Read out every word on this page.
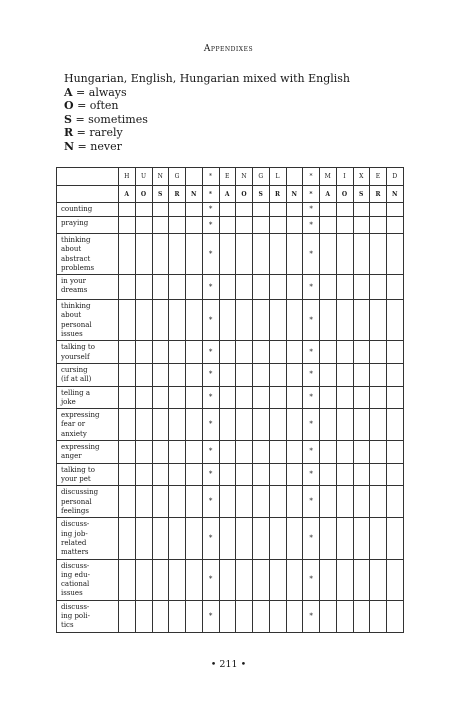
Appendixes
Hungarian, English, Hungarian mixed with English
A = always
O = often
S = sometimes
R = rarely
N = never
	H	U	N	G		*	E	N	G	L		*	M	I	X	E	D
	A	O	S	R	N	*	A	O	S	R	N	*	A	O	S	R	N

counting						*						*					

praying						*						*					

thinking
about
abstract
problems						*						*					

in your
dreams						*						*					

thinking
about
personal
issues						*						*					

talking to
yourself						*						*					

cursing
(if at all)						*						*					

telling a
joke						*						*					

expressing
fear or
anxiety						*						*					

expressing
anger						*						*					

talking to
your pet						*						*					

discussing
personal
feelings						*						*					

discuss-
ing job-
related
matters						*						*					

discuss-
ing edu-
cational
issues						*						*					

discuss-
ing poli-
tics						*						*					
• 211 •
